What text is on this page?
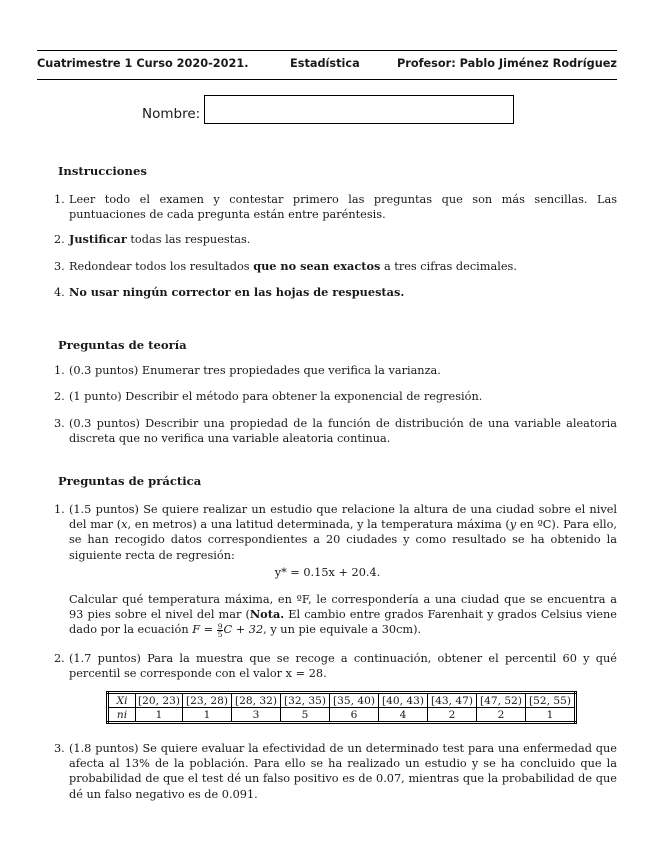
Cuatrimestre 1 Curso 2020-2021.	Estadística	Profesor: Pablo Jiménez Rodríguez
Nombre:
Instrucciones
1. Leer todo el examen y contestar primero las preguntas que son más sencillas. Las puntuaciones de cada pregunta están entre paréntesis.
2. Justificar todas las respuestas.
3. Redondear todos los resultados que no sean exactos a tres cifras decimales.
4. No usar ningún corrector en las hojas de respuestas.
Preguntas de teoría
1. (0.3 puntos) Enumerar tres propiedades que verifica la varianza.
2. (1 punto) Describir el método para obtener la exponencial de regresión.
3. (0.3 puntos) Describir una propiedad de la función de distribución de una variable aleatoria discreta que no verifica una variable aleatoria continua.
Preguntas de práctica
1. (1.5 puntos) Se quiere realizar un estudio que relacione la altura de una ciudad sobre el nivel del mar (x, en metros) a una latitud determinada, y la temperatura máxima (y en ºC). Para ello, se han recogido datos correspondientes a 20 ciudades y como resultado se ha obtenido la siguiente recta de regresión:
y* = 0.15x + 20.4.
Calcular qué temperatura máxima, en ºF, le correspondería a una ciudad que se encuentra a 93 pies sobre el nivel del mar (Nota. El cambio entre grados Farenhait y grados Celsius viene dado por la ecuación $F = \frac{9}{5}$ C + 32, y un pie equivale a 30cm).
2. (1.7 puntos) Para la muestra que se recoge a continuación, obtener el percentil 60 y qué percentil se corresponde con el valor x = 28.
Xi	[20, 23)	[23, 28)	[28, 32)	[32, 35)	[35, 40)	[40, 43)	[43, 47)	[47, 52)	[52, 55)
ni	1	1	3	5	6	4	2	2	1
3. (1.8 puntos) Se quiere evaluar la efectividad de un determinado test para una enfermedad que afecta al 13% de la población. Para ello se ha realizado un estudio y se ha concluido que la probabilidad de que el test dé un falso positivo es de 0.07, mientras que la probabilidad de que dé un falso negativo es de 0.091.
